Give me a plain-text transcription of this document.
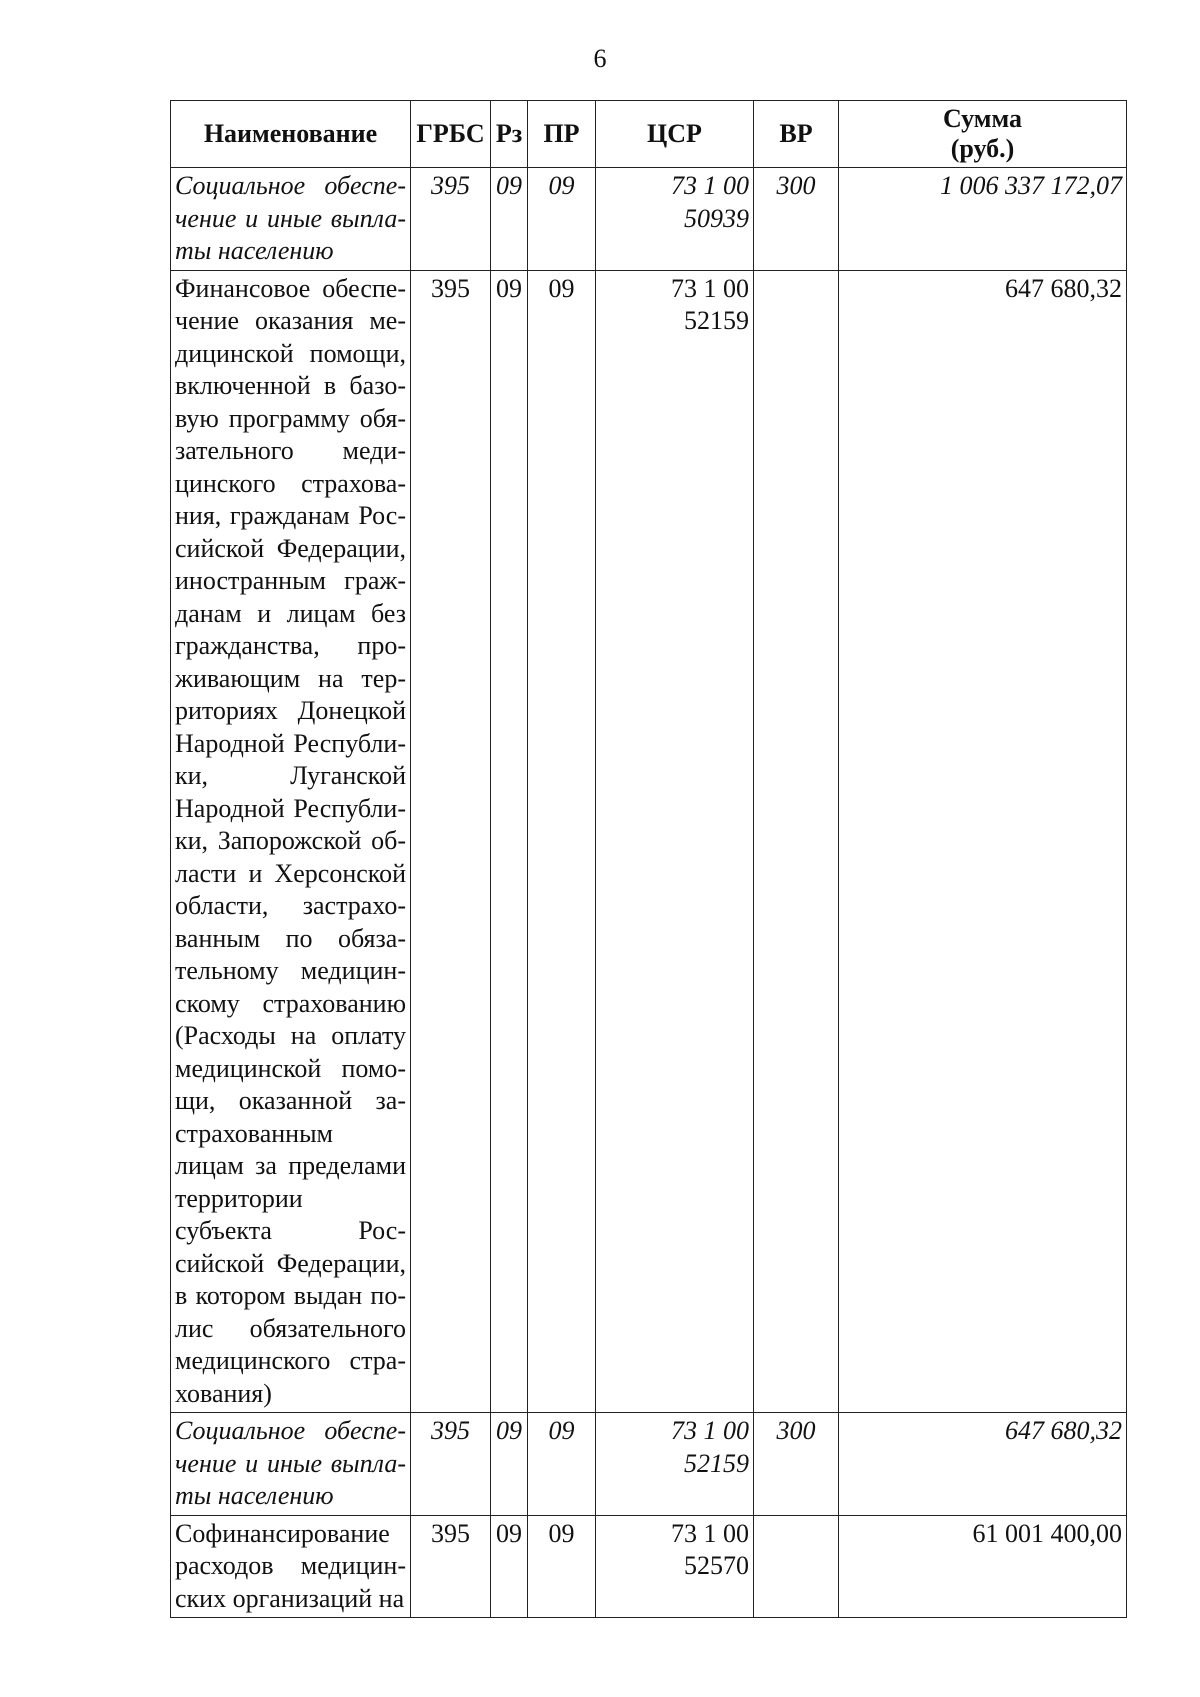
6
Наименование	ГРБС	Рз	ПР	ЦСР	ВР	Сумма
(руб.)

Социальное обеспечение и иные выплаты населению	395	09	09	73 1 00 50939	300	1 006 337 172,07
Финансовое обеспечение оказания медицинской помощи, включенной в базовую программу обязательного медицинского страхования, гражданам Российской Федерации, иностранным гражданам и лицам без гражданства, проживающим на территориях Донецкой Народной Республики, Луганской Народной Республики, Запорожской области и Херсонской области, застрахованным по обязательному медицинскому страхованию (Расходы на оплату медицинской помощи, оказанной застрахованным лицам за пределами территории субъекта Российской Федерации, в котором выдан полис обязательного медицинского страхования)	395	09	09	73 1 00 52159		647 680,32
Социальное обеспечение и иные выплаты населению	395	09	09	73 1 00 52159	300	647 680,32
Софинансирование расходов медицинских организаций на	395	09	09	73 1 00 52570		61 001 400,00
